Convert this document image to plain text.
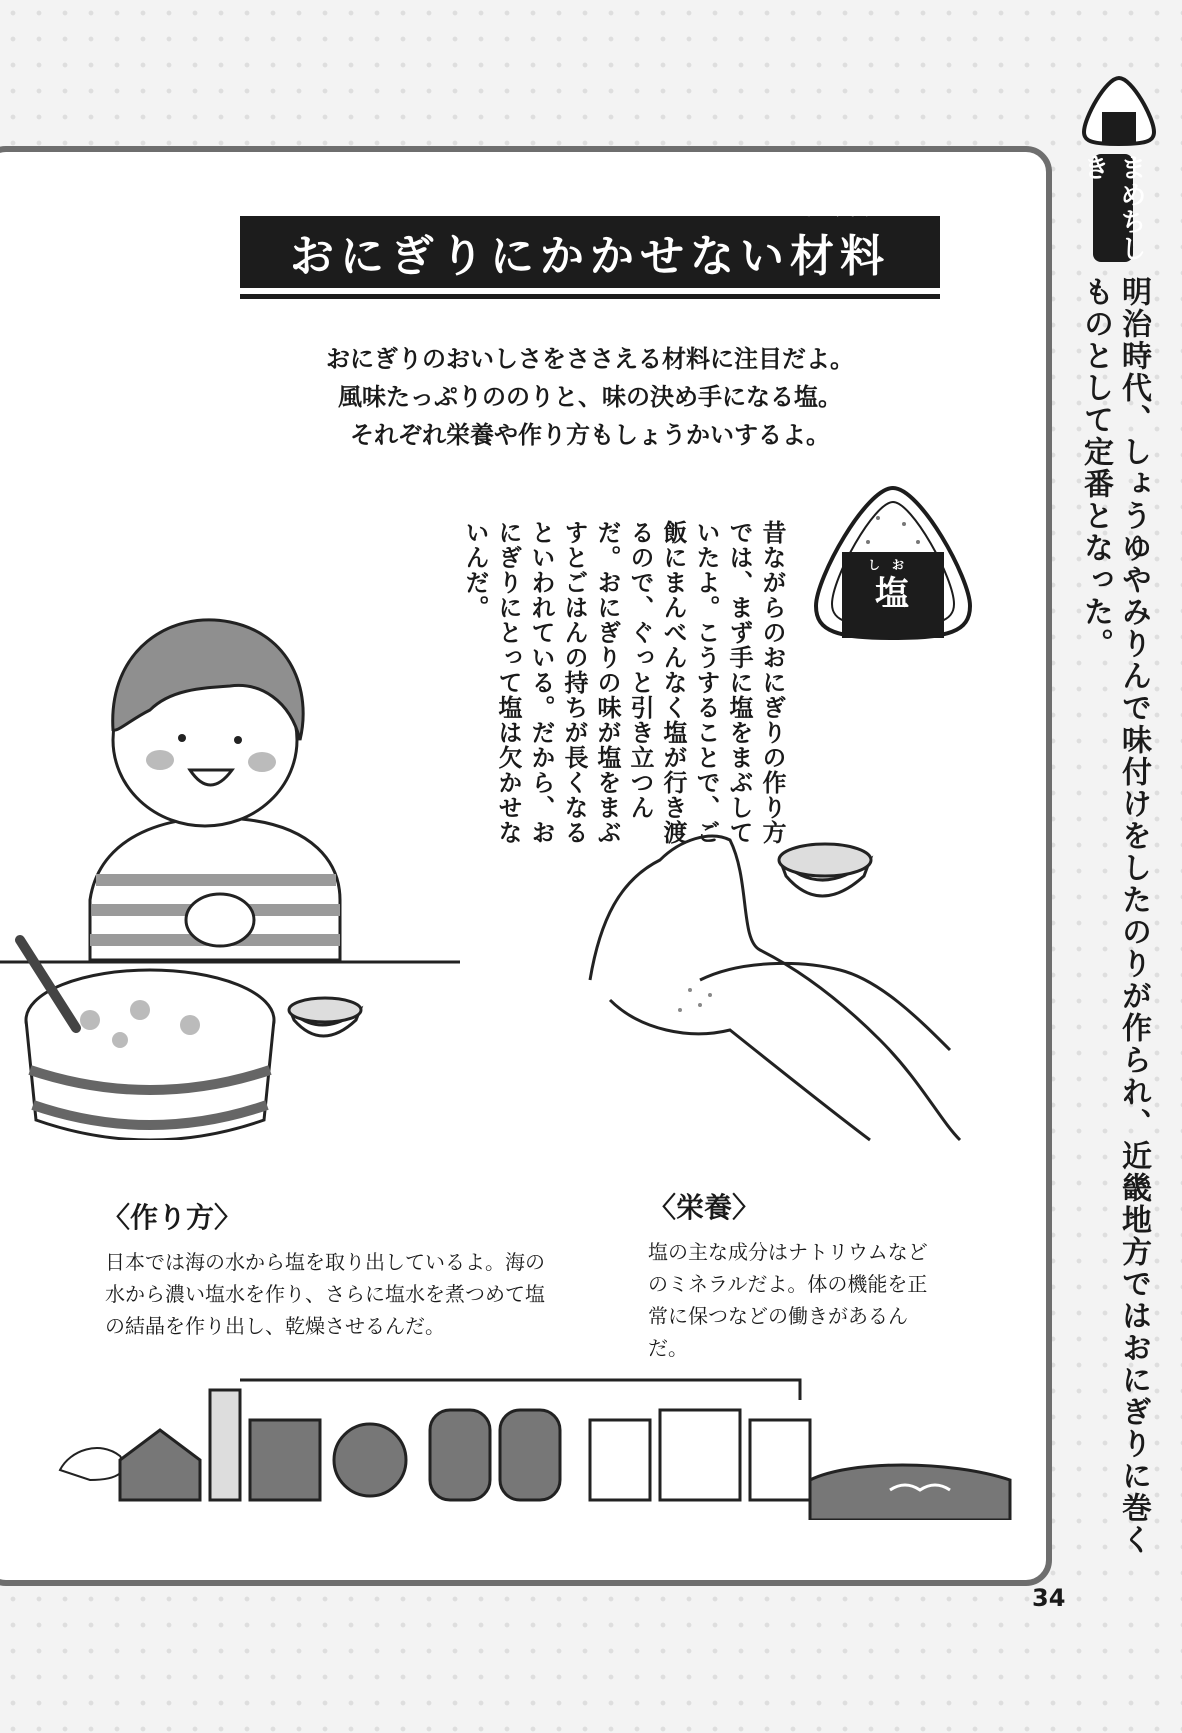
まめちしき
明治時代、しょうゆやみりんで味付けをしたのりが作られ、近畿地方ではおにぎりに巻くものとして定番となった。
おにぎりにかかせない
ざいりょう
材料
おにぎりのおいしさをささえる材料に注目だよ。
風味たっぷりののりと、味の決め手になる塩。
それぞれ栄養や作り方もしょうかいするよ。
昔ながらのおにぎりの作り方では、まず手に塩をまぶしていたよ。こうすることで、ご飯にまんべんなく塩が行き渡るので、ぐっと引き立つんだ。おにぎりの味が塩をまぶすとごはんの持ちが長くなるといわれている。だから、おにぎりにとって塩は欠かせないんだ。	しお
塩
〈作り方〉
日本では海の水から塩を取り出しているよ。海の水から濃い塩水を作り、さらに塩水を煮つめて塩の結晶を作り出し、乾燥させるんだ。
〈栄養〉
塩の主な成分はナトリウムなどのミネラルだよ。体の機能を正常に保つなどの働きがあるんだ。
34
